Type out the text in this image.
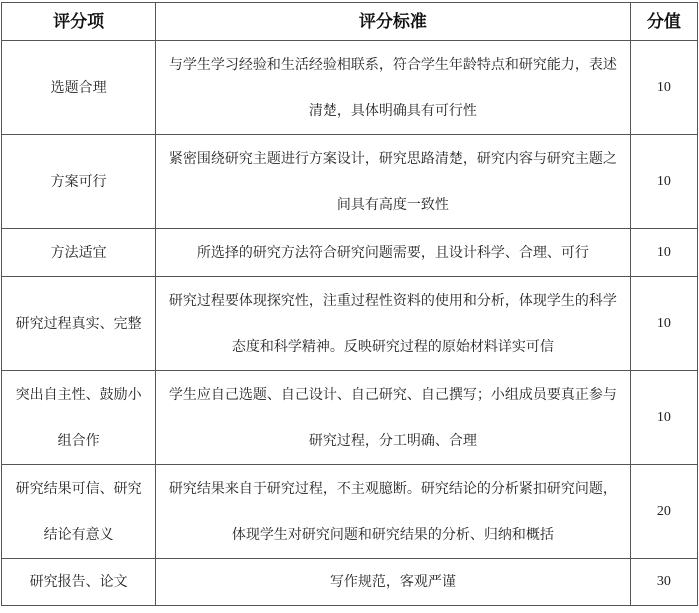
评分项	评分标准	分值
选题合理	与学生学习经验和生活经验相联系，符合学生年龄特点和研究能力，表述清楚，具体明确具有可行性	10
方案可行	紧密围绕研究主题进行方案设计，研究思路清楚，研究内容与研究主题之间具有高度一致性	10
方法适宜	所选择的研究方法符合研究问题需要，且设计科学、合理、可行	10
研究过程真实、完整	研究过程要体现探究性，注重过程性资料的使用和分析，体现学生的科学态度和科学精神。反映研究过程的原始材料详实可信	10
突出自主性、鼓励小组合作	学生应自己选题、自己设计、自己研究、自己撰写；小组成员要真正参与研究过程，分工明确、合理	10
研究结果可信、研究结论有意义	研究结果来自于研究过程，不主观臆断。研究结论的分析紧扣研究问题，体现学生对研究问题和研究结果的分析、归纳和概括	20
研究报告、论文	写作规范，客观严谨	30
